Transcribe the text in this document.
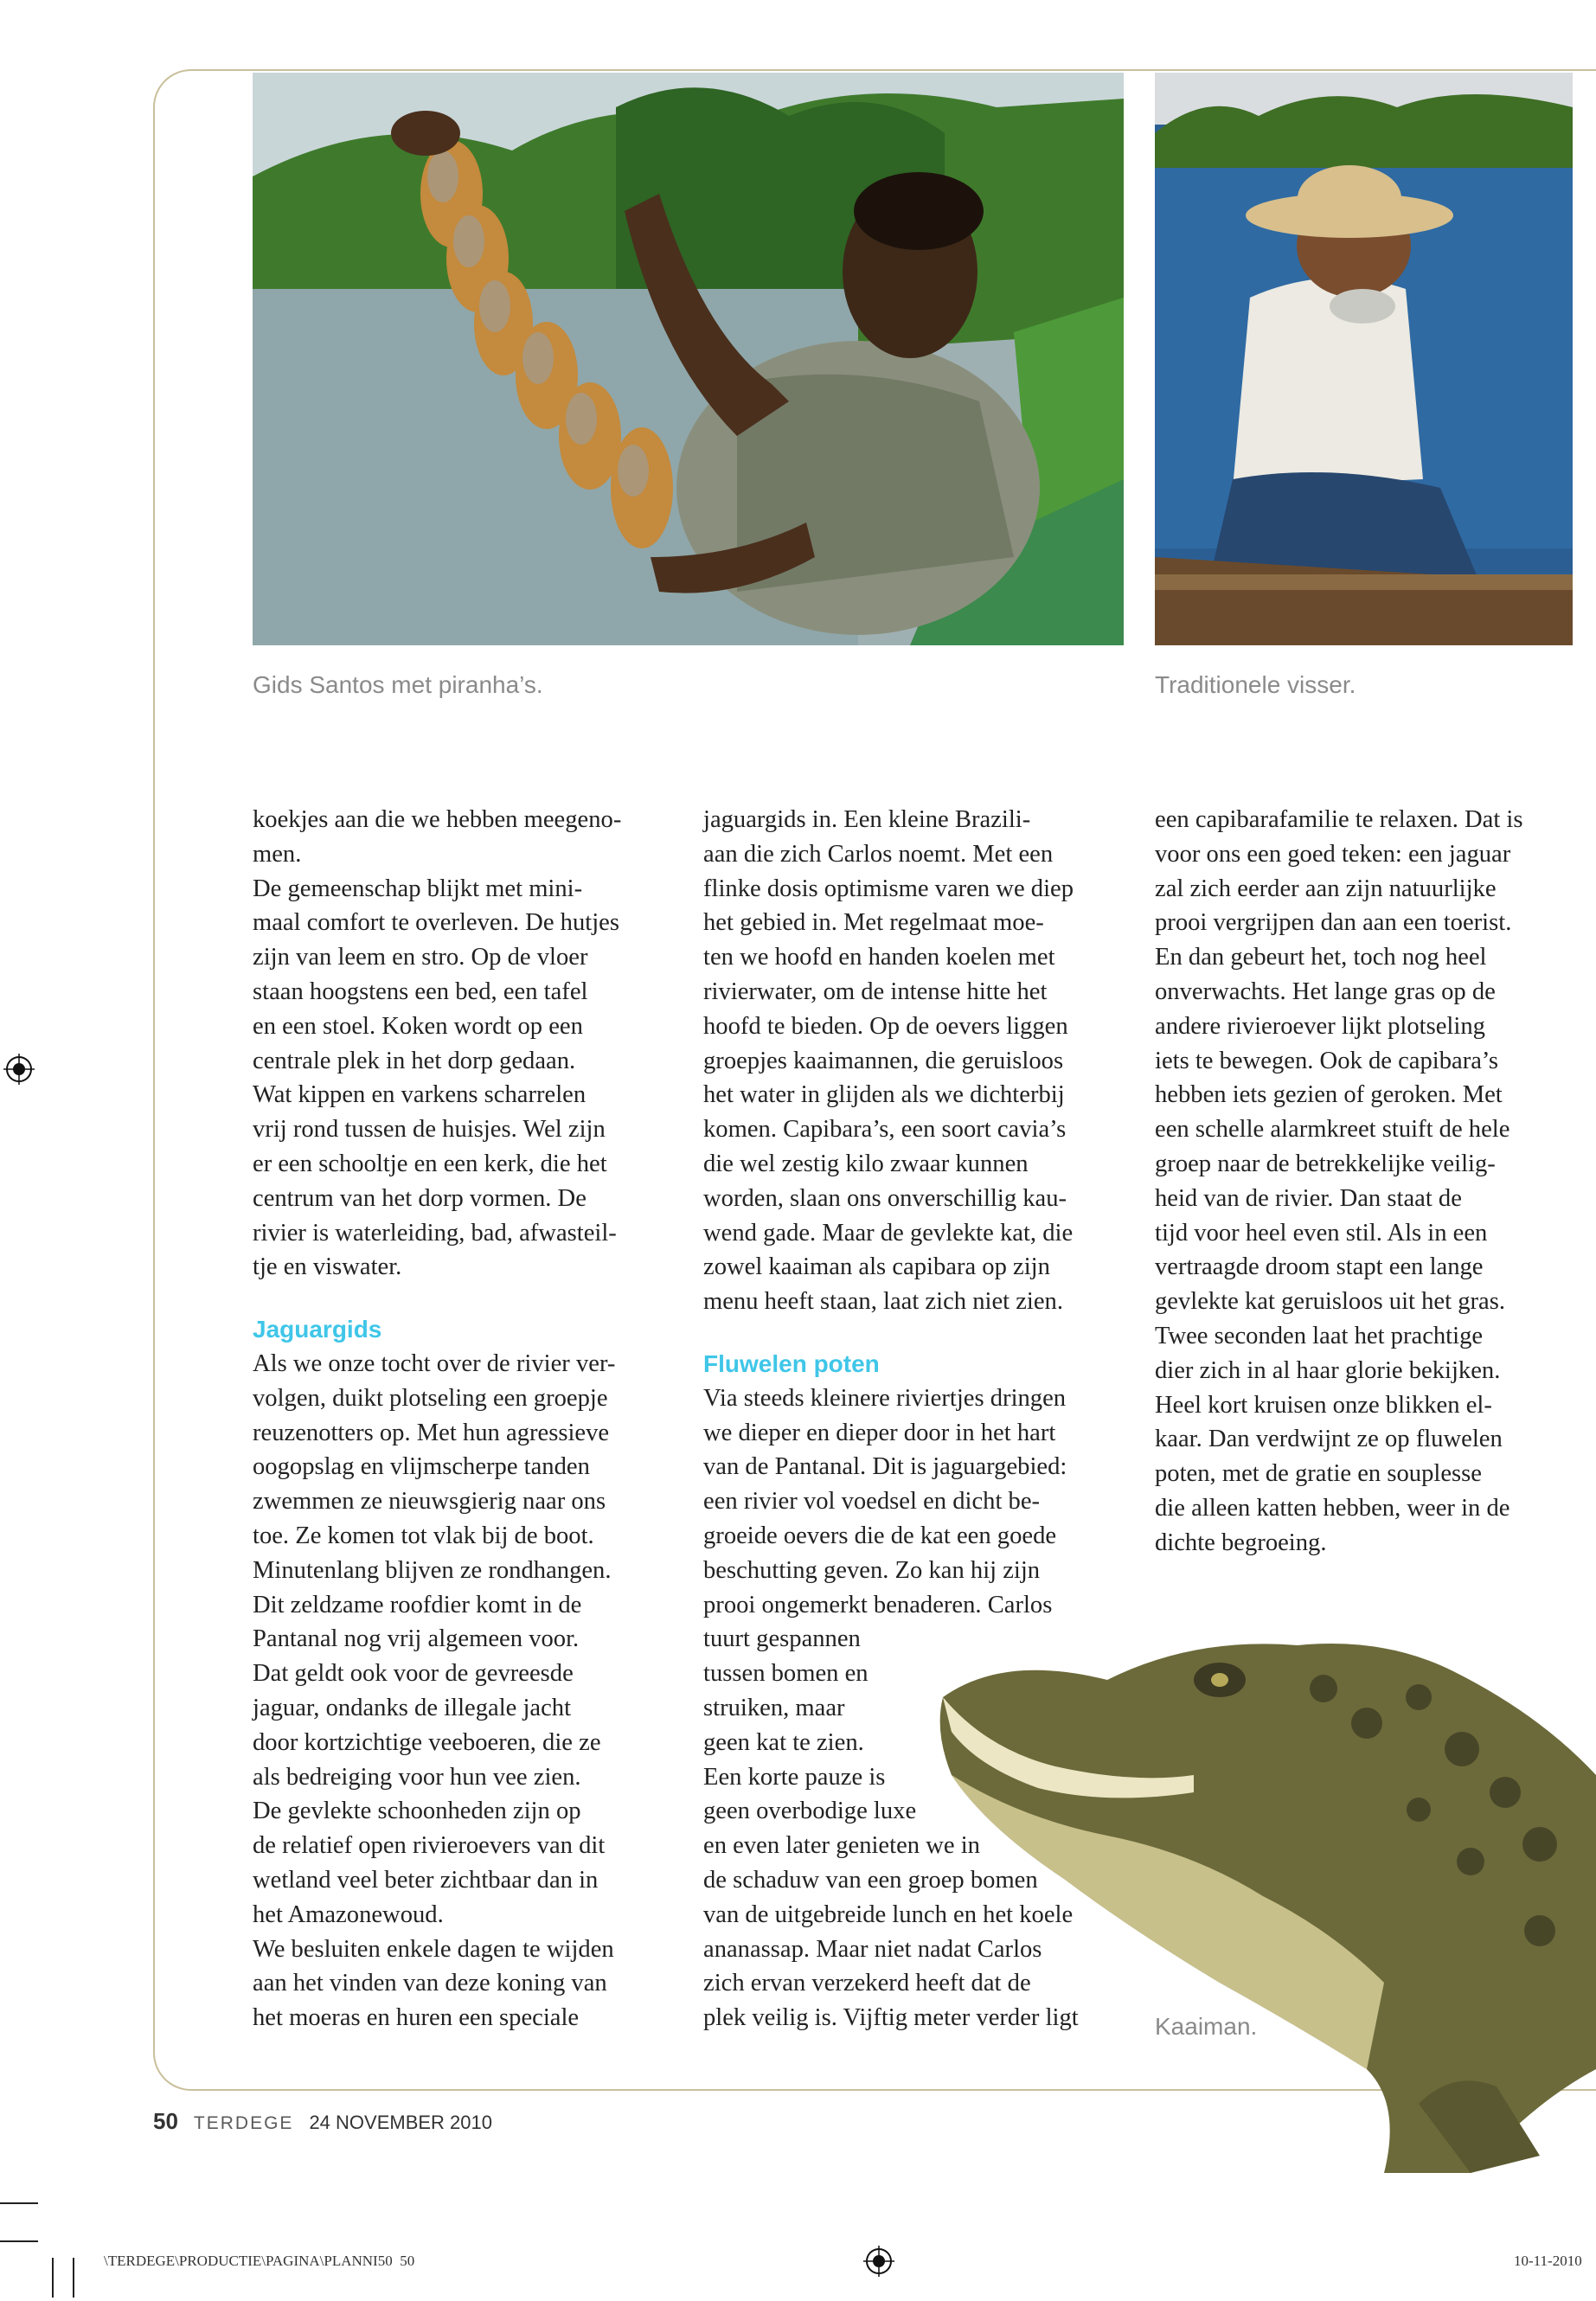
Gids Santos met piranha’s.	Traditionele visser.

koekjes aan die we hebben meegeno-
men.
De gemeenschap blijkt met mini-
maal comfort te overleven. De hutjes
zijn van leem en stro. Op de vloer
staan hoogstens een bed, een tafel
en een stoel. Koken wordt op een
centrale plek in het dorp gedaan.
Wat kippen en varkens scharrelen
vrij rond tussen de huisjes. Wel zijn
er een schooltje en een kerk, die het
centrum van het dorp vormen. De
rivier is waterleiding, bad, afwasteil-
tje en viswater.

Jaguargids

Als we onze tocht over de rivier ver-
volgen, duikt plotseling een groepje
reuzenotters op. Met hun agressieve
oogopslag en vlijmscherpe tanden
zwemmen ze nieuwsgierig naar ons
toe. Ze komen tot vlak bij de boot.
Minutenlang blijven ze rondhangen.
Dit zeldzame roofdier komt in de
Pantanal nog vrij algemeen voor.
Dat geldt ook voor de gevreesde
jaguar, ondanks de illegale jacht
door kortzichtige veeboeren, die ze
als bedreiging voor hun vee zien.
De gevlekte schoonheden zijn op
de relatief open rivieroevers van dit
wetland veel beter zichtbaar dan in
het Amazonewoud.
We besluiten enkele dagen te wijden
aan het vinden van deze koning van
het moeras en huren een speciale

jaguargids in. Een kleine Brazili-
aan die zich Carlos noemt. Met een
flinke dosis optimisme varen we diep
het gebied in. Met regelmaat moe-
ten we hoofd en handen koelen met
rivierwater, om de intense hitte het
hoofd te bieden. Op de oevers liggen
groepjes kaaimannen, die geruisloos
het water in glijden als we dichterbij
komen. Capibara’s, een soort cavia’s
die wel zestig kilo zwaar kunnen
worden, slaan ons onverschillig kau-
wend gade. Maar de gevlekte kat, die
zowel kaaiman als capibara op zijn
menu heeft staan, laat zich niet zien.

Fluwelen poten

Via steeds kleinere riviertjes dringen
we dieper en dieper door in het hart
van de Pantanal. Dit is jaguargebied:
een rivier vol voedsel en dicht be-
groeide oevers die de kat een goede
beschutting geven. Zo kan hij zijn
prooi ongemerkt benaderen. Carlos
tuurt gespannen
tussen bomen en
struiken, maar
geen kat te zien.
Een korte pauze is
geen overbodige luxe
en even later genieten we in
de schaduw van een groep bomen
van de uitgebreide lunch en het koele
ananassap. Maar niet nadat Carlos
zich ervan verzekerd heeft dat de
plek veilig is. Vijftig meter verder ligt

een capibarafamilie te relaxen. Dat is
voor ons een goed teken: een jaguar
zal zich eerder aan zijn natuurlijke
prooi vergrijpen dan aan een toerist.
En dan gebeurt het, toch nog heel
onverwachts. Het lange gras op de
andere rivieroever lijkt plotseling
iets te bewegen. Ook de capibara’s
hebben iets gezien of geroken. Met
een schelle alarmkreet stuift de hele
groep naar de betrekkelijke veilig-
heid van de rivier. Dan staat de
tijd voor heel even stil. Als in een
vertraagde droom stapt een lange
gevlekte kat geruisloos uit het gras.
Twee seconden laat het prachtige
dier zich in al haar glorie bekijken.
Heel kort kruisen onze blikken el-
kaar. Dan verdwijnt ze op fluwelen
poten, met de gratie en souplesse
die alleen katten hebben, weer in de
dichte begroeing.

Kaaiman.
50 TERDEGE 24 NOVEMBER 2010
\TERDEGE\PRODUCTIE\PAGINA\PLANNI50 50	10-11-2010
